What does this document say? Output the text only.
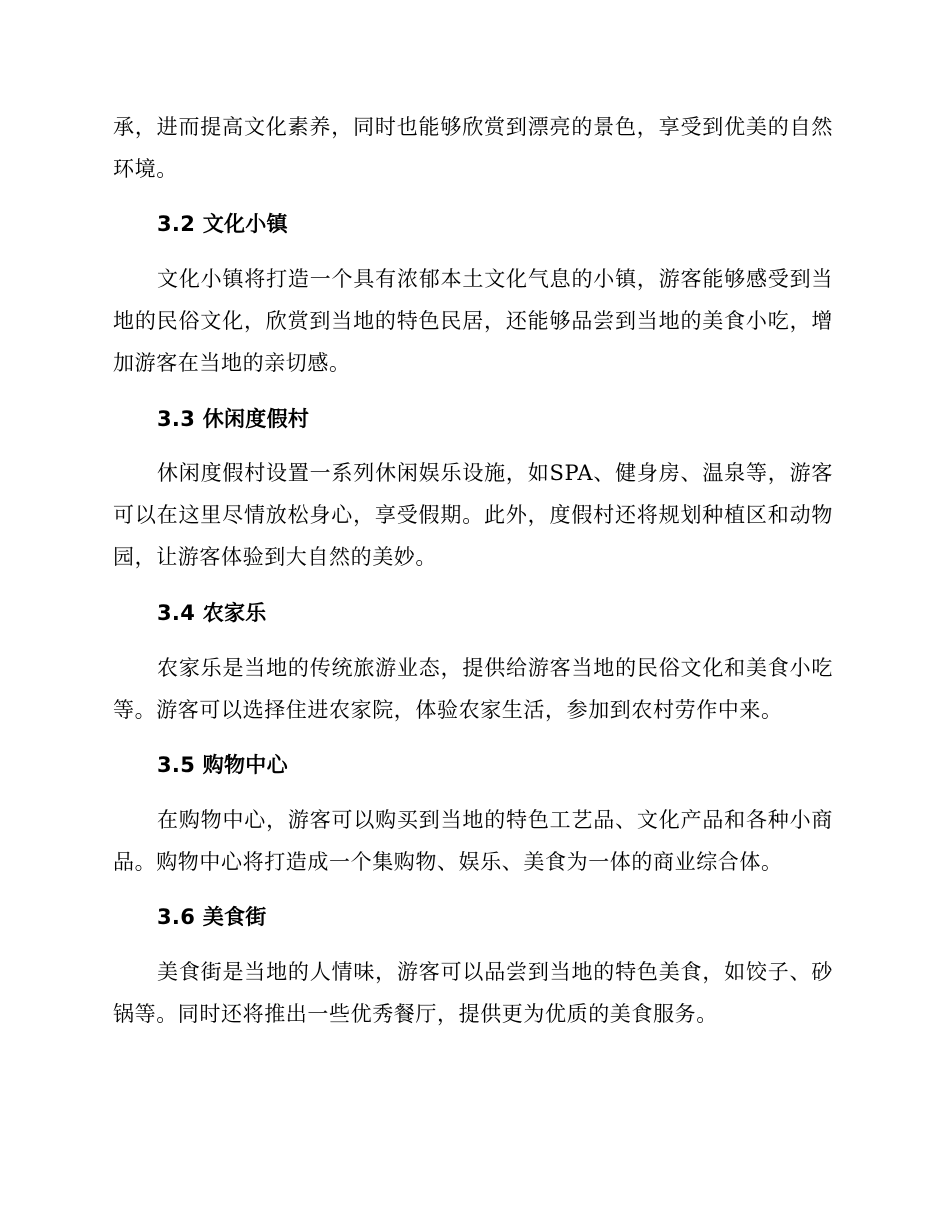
承，进而提高文化素养，同时也能够欣赏到漂亮的景色，享受到优美的自然环境。

3.2 文化小镇

文化小镇将打造一个具有浓郁本土文化气息的小镇，游客能够感受到当地的民俗文化，欣赏到当地的特色民居，还能够品尝到当地的美食小吃，增加游客在当地的亲切感。

3.3 休闲度假村

休闲度假村设置一系列休闲娱乐设施，如SPA、健身房、温泉等，游客可以在这里尽情放松身心，享受假期。此外，度假村还将规划种植区和动物园，让游客体验到大自然的美妙。

3.4 农家乐

农家乐是当地的传统旅游业态，提供给游客当地的民俗文化和美食小吃等。游客可以选择住进农家院，体验农家生活，参加到农村劳作中来。

3.5 购物中心

在购物中心，游客可以购买到当地的特色工艺品、文化产品和各种小商品。购物中心将打造成一个集购物、娱乐、美食为一体的商业综合体。

3.6 美食街

美食街是当地的人情味，游客可以品尝到当地的特色美食，如饺子、砂锅等。同时还将推出一些优秀餐厅，提供更为优质的美食服务。
